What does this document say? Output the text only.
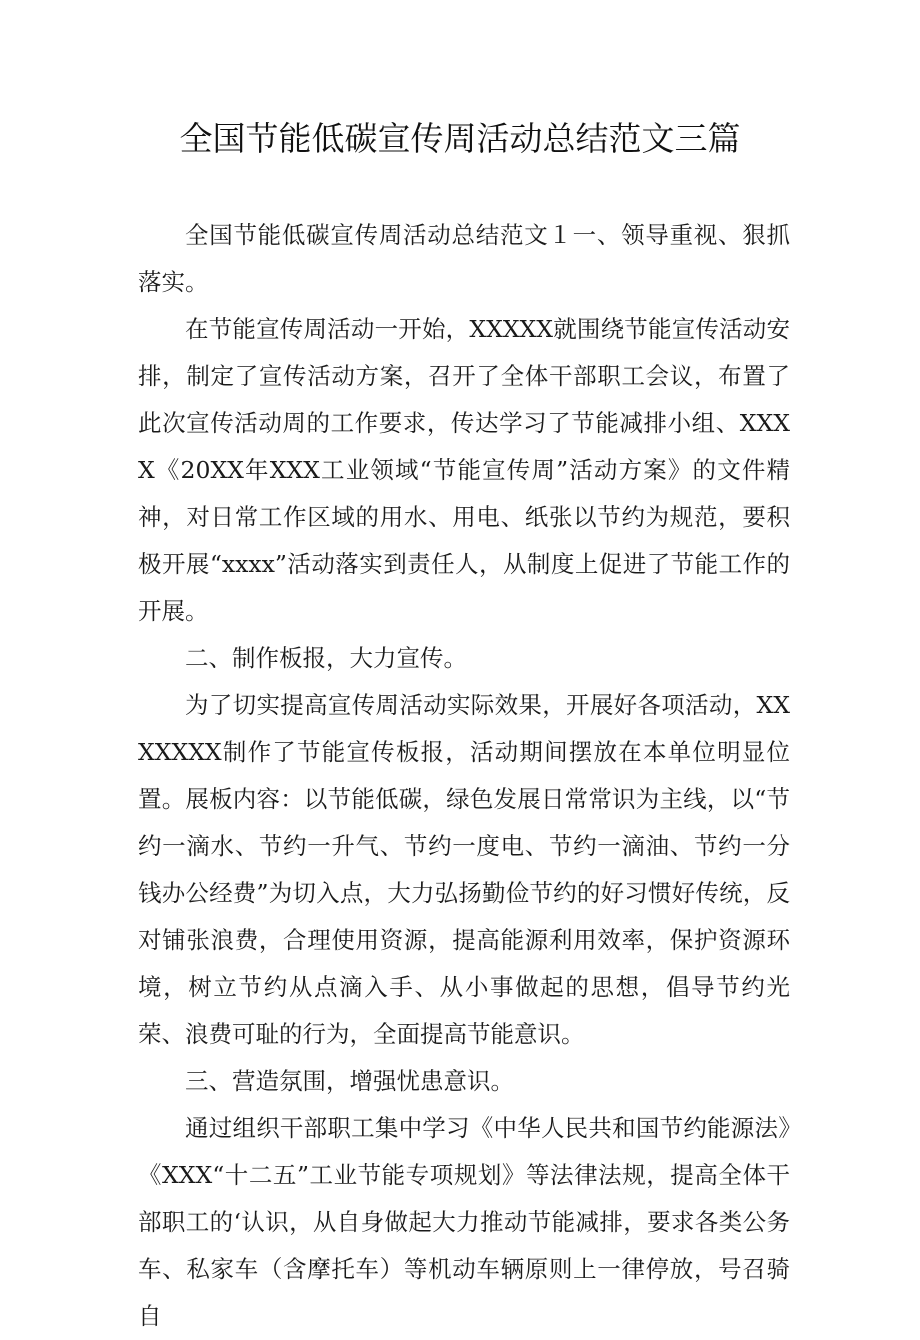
全国节能低碳宣传周活动总结范文三篇

全国节能低碳宣传周活动总结范文１一、领导重视、狠抓落实。

在节能宣传周活动一开始，XXXXX就围绕节能宣传活动安排，制定了宣传活动方案，召开了全体干部职工会议，布置了此次宣传活动周的工作要求，传达学习了节能减排小组、XXXX《20XX年XXX工业领域“节能宣传周”活动方案》的文件精神，对日常工作区域的用水、用电、纸张以节约为规范，要积极开展“xxxx”活动落实到责任人，从制度上促进了节能工作的开展。

二、制作板报，大力宣传。

为了切实提高宣传周活动实际效果，开展好各项活动，XXXXXXX制作了节能宣传板报，活动期间摆放在本单位明显位置。展板内容：以节能低碳，绿色发展日常常识为主线，以“节约一滴水、节约一升气、节约一度电、节约一滴油、节约一分钱办公经费”为切入点，大力弘扬勤俭节约的好习惯好传统，反对铺张浪费，合理使用资源，提高能源利用效率，保护资源环境，树立节约从点滴入手、从小事做起的思想，倡导节约光荣、浪费可耻的行为，全面提高节能意识。

三、营造氛围，增强忧患意识。

通过组织干部职工集中学习《中华人民共和国节约能源法》《XXX“十二五”工业节能专项规划》等法律法规，提高全体干部职工的‘认识，从自身做起大力推动节能减排，要求各类公务车、私家车（含摩托车）等机动车辆原则上一律停放，号召骑自
